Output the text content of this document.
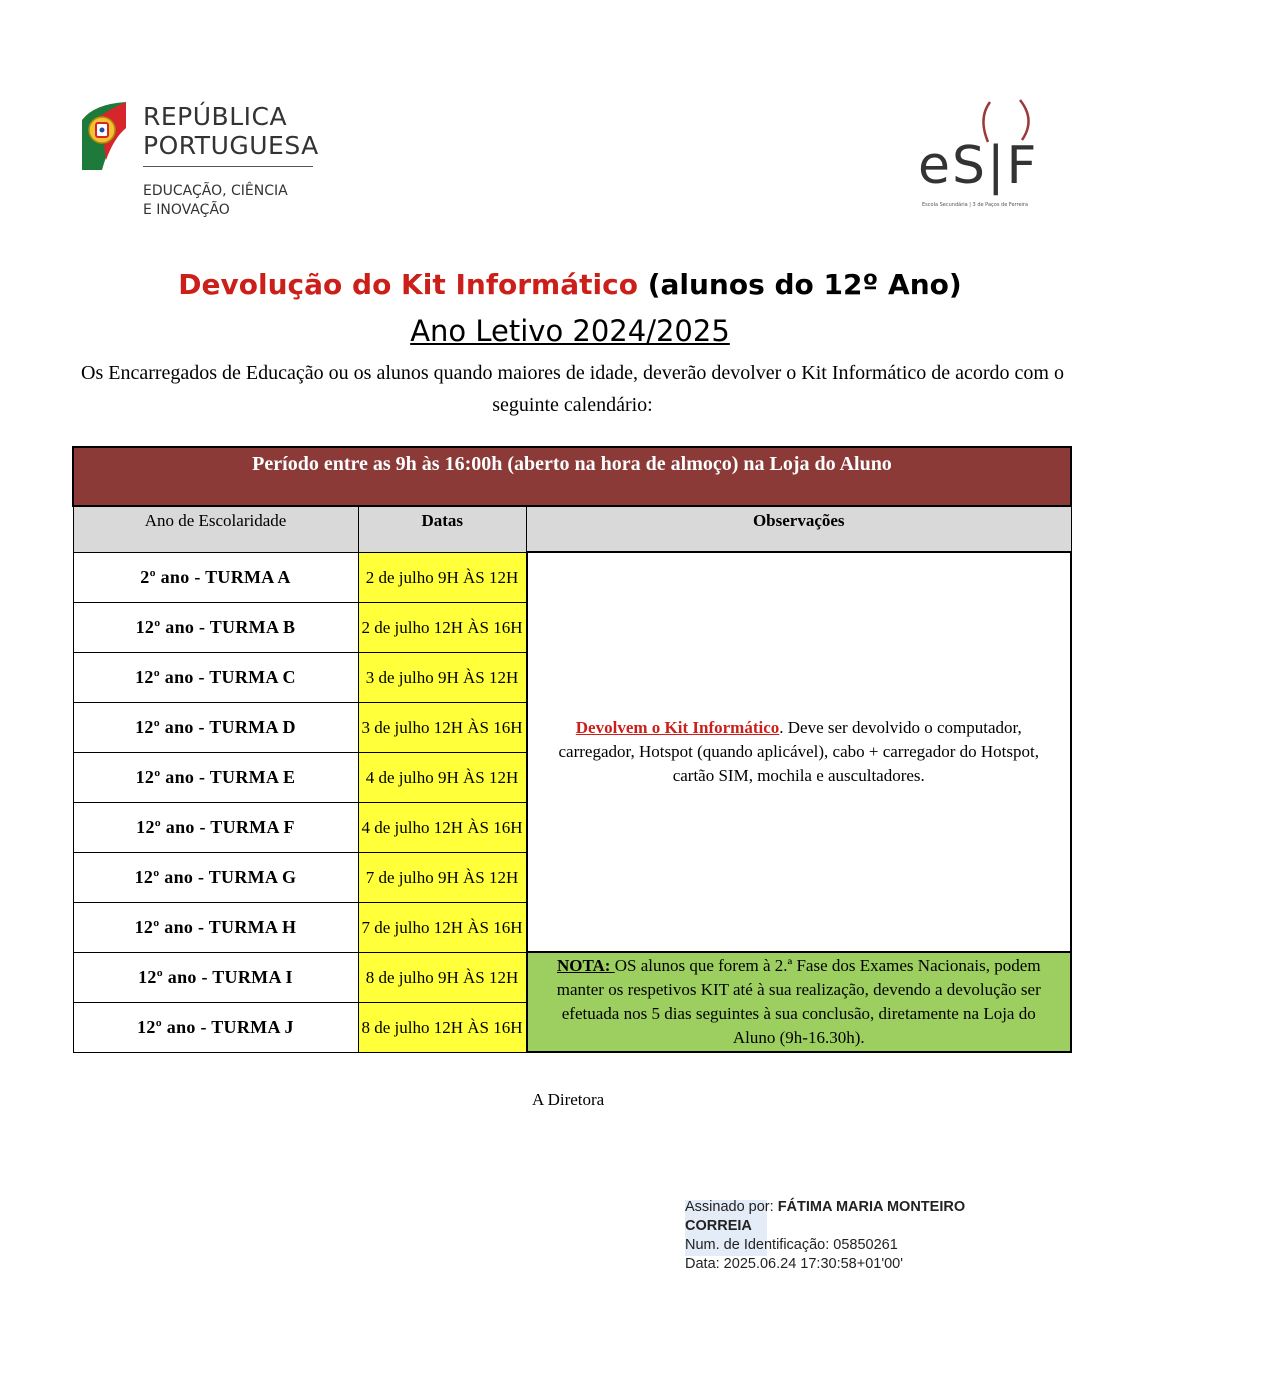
REPÚBLICA
PORTUGUESA
EDUCAÇÃO, CIÊNCIA
E INOVAÇÃO
eS|F
Escola Secundária | 3 de Paços de Ferreira
Devolução do Kit Informático (alunos do 12º Ano)
Ano Letivo 2024/2025
Os Encarregados de Educação ou os alunos quando maiores de idade, deverão devolver o Kit Informático de acordo com o seguinte calendário:
Período entre as 9h às 16:00h (aberto na hora de almoço) na Loja do Aluno		
Ano de Escolaridade	Datas	Observações
2º ano - TURMA A	2 de julho 9H ÀS 12H	Devolvem o Kit Informático. Deve ser devolvido o computador, carregador, Hotspot (quando aplicável), cabo + carregador do Hotspot, cartão SIM, mochila e auscultadores.
12º ano - TURMA B	2 de julho 12H ÀS 16H	
12º ano - TURMA C	3 de julho 9H ÀS 12H	
12º ano - TURMA D	3 de julho 12H ÀS 16H	
12º ano - TURMA E	4 de julho 9H ÀS 12H	
12º ano - TURMA F	4 de julho 12H ÀS 16H	
12º ano - TURMA G	7 de julho 9H ÀS 12H	
12º ano - TURMA H	7 de julho 12H ÀS 16H	
12º ano - TURMA I	8 de julho 9H ÀS 12H	NOTA: OS alunos que forem à 2.ª Fase dos Exames Nacionais, podem manter os respetivos KIT até à sua realização, devendo a devolução ser efetuada nos 5 dias seguintes à sua conclusão, diretamente na Loja do Aluno (9h-16.30h).
12º ano - TURMA J	8 de julho 12H ÀS 16H	
A Diretora
Assinado por: FÁTIMA MARIA MONTEIRO CORREIA
Num. de Identificação: 05850261
Data: 2025.06.24 17:30:58+01'00'
